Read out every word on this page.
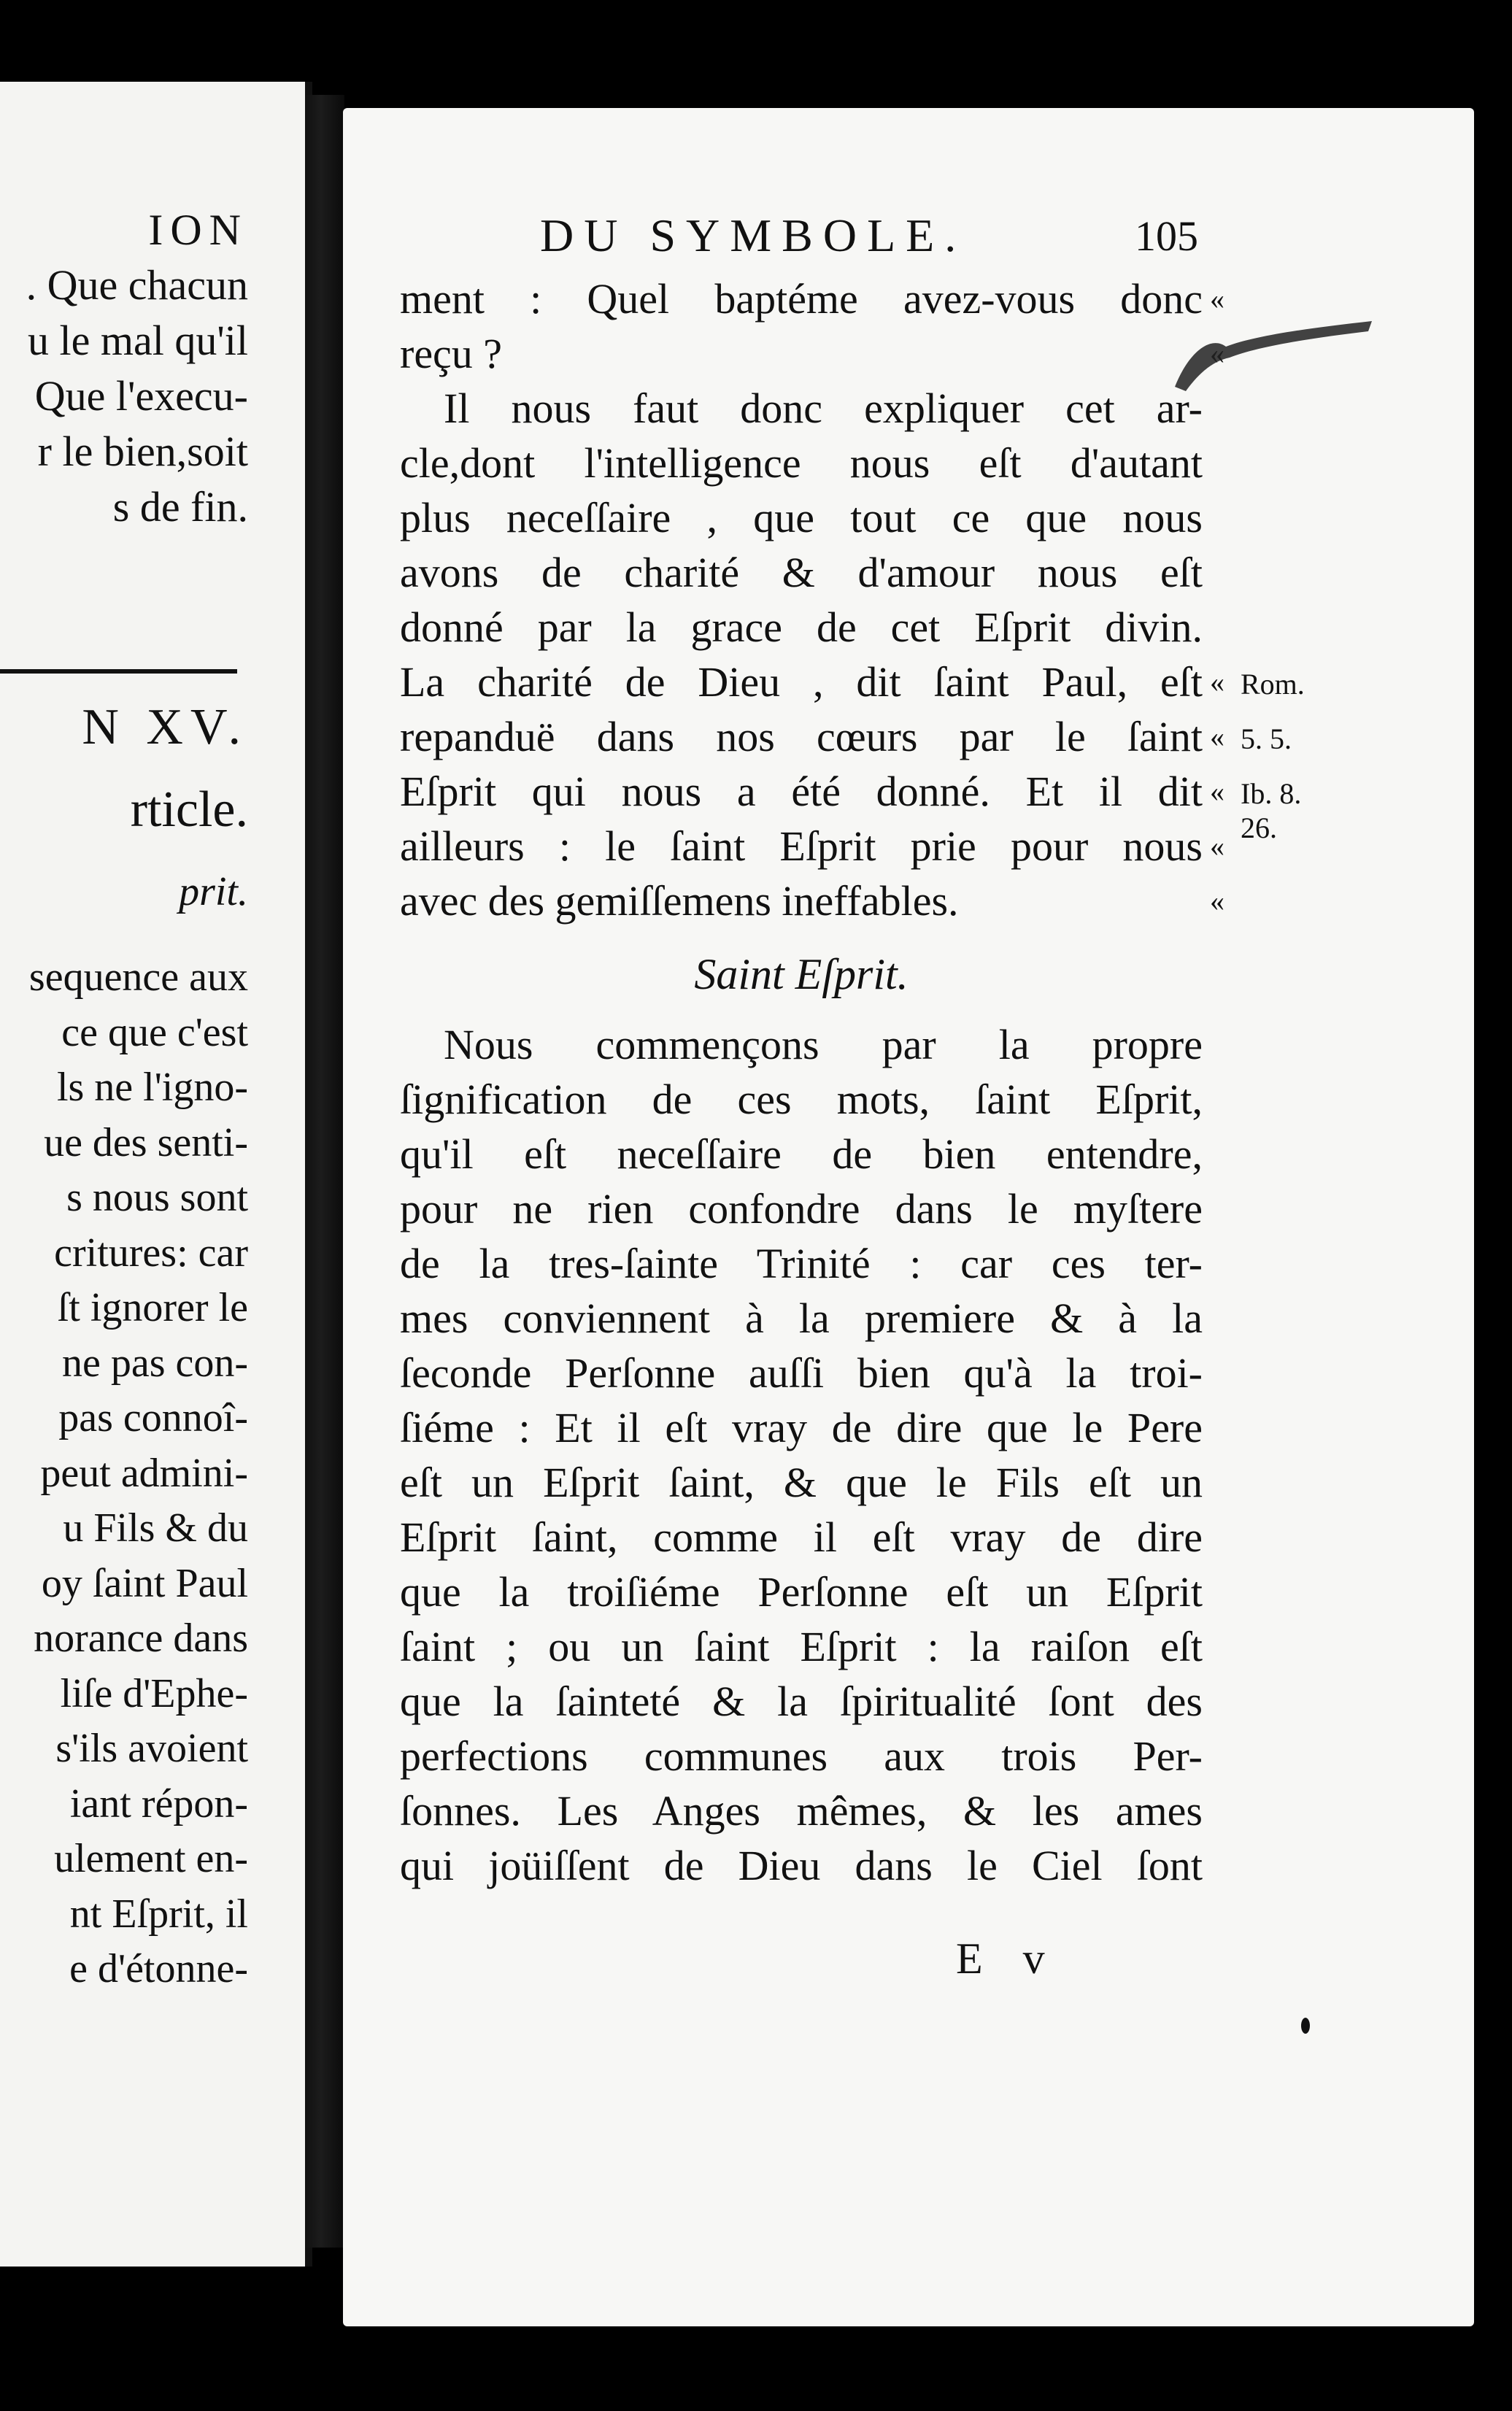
ION
. Que chacun
u le mal qu'il
Que l'execu-
r le bien,soit
s de fin.
N XV.
rticle.
prit.
sequence aux
ce que c'est
ls ne l'igno-
ue des senti-
s nous sont
critures: car
ſt ignorer le
ne pas con-
pas connoî-
peut admini-
u Fils & du
oy ſaint Paul
norance dans
liſe d'Ephe-
s'ils avoient
iant répon-
ulement en-
nt Eſprit, il
e d'étonne-
DU SYMBOLE.	105
ment : Quel baptéme avez-vous donc
reçu ?
Il nous faut donc expliquer cet ar-
cle,dont l'intelligence nous eſt d'autant
plus neceſſaire , que tout ce que nous
avons de charité & d'amour nous eſt
donné par la grace de cet Eſprit divin.
La charité de Dieu , dit ſaint Paul, eſt
repanduë dans nos cœurs par le ſaint
Eſprit qui nous a été donné. Et il dit
ailleurs : le ſaint Eſprit prie pour nous
avec des gemiſſemens ineffables.
Saint Eſprit.
Nous commençons par la propre
ſignification de ces mots, ſaint Eſprit,
qu'il eſt neceſſaire de bien entendre,
pour ne rien confondre dans le myſtere
de la tres-ſainte Trinité : car ces ter-
mes conviennent à la premiere & à la
ſeconde Perſonne auſſi bien qu'à la troi-
ſiéme : Et il eſt vray de dire que le Pere
eſt un Eſprit ſaint, & que le Fils eſt un
Eſprit ſaint, comme il eſt vray de dire
que la troiſiéme Perſonne eſt un Eſprit
ſaint ; ou un ſaint Eſprit : la raiſon eſt
que la ſainteté & la ſpiritualité ſont des
perfections communes aux trois Per-
ſonnes. Les Anges mêmes, & les ames
qui joüiſſent de Dieu dans le Ciel ſont
«
«
«
«
«
«
Rom.
5. 5.
Ib. 8.
26.
E v
